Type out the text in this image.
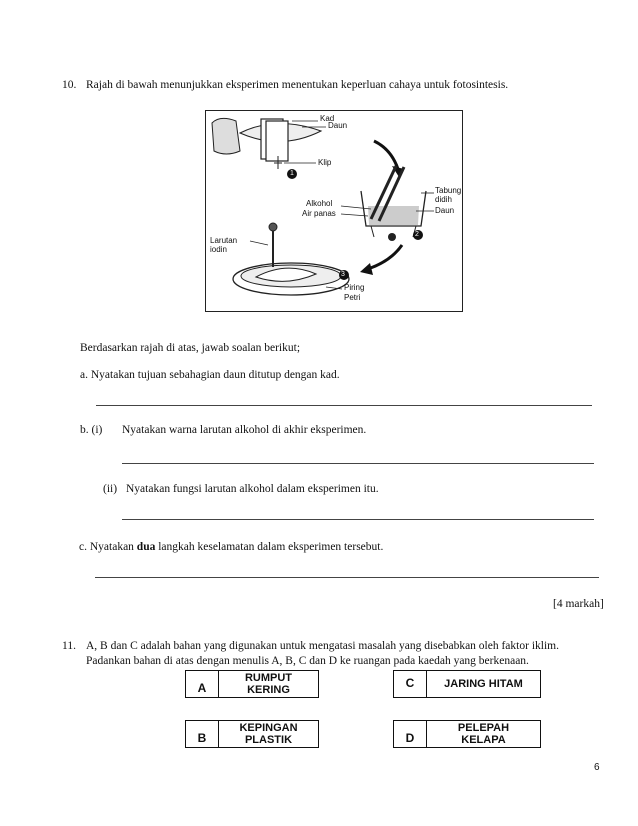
10. Rajah di bawah menunjukkan eksperimen menentukan keperluan cahaya untuk fotosintesis.
Kad
Daun
Klip
1
Alkohol
Air panas
Tabung
didih
Daun
2
Larutan
iodin
3
Piring
Petri
Berdasarkan rajah di atas, jawab soalan berikut;
a. Nyatakan tujuan sebahagian daun ditutup dengan kad.
b. (i) Nyatakan warna larutan alkohol di akhir eksperimen.
(ii) Nyatakan fungsi larutan alkohol dalam eksperimen itu.
c. Nyatakan dua langkah keselamatan dalam eksperimen tersebut.
[4 markah]
11. A, B dan C adalah bahan yang digunakan untuk mengatasi masalah yang disebabkan oleh faktor iklim.
Padankan bahan di atas dengan menulis A, B, C dan D ke ruangan pada kaedah yang berkenaan.
A
RUMPUT
KERING	C	JARING HITAM
B
KEPINGAN
PLASTIK	D
PELEPAH
KELAPA
6
